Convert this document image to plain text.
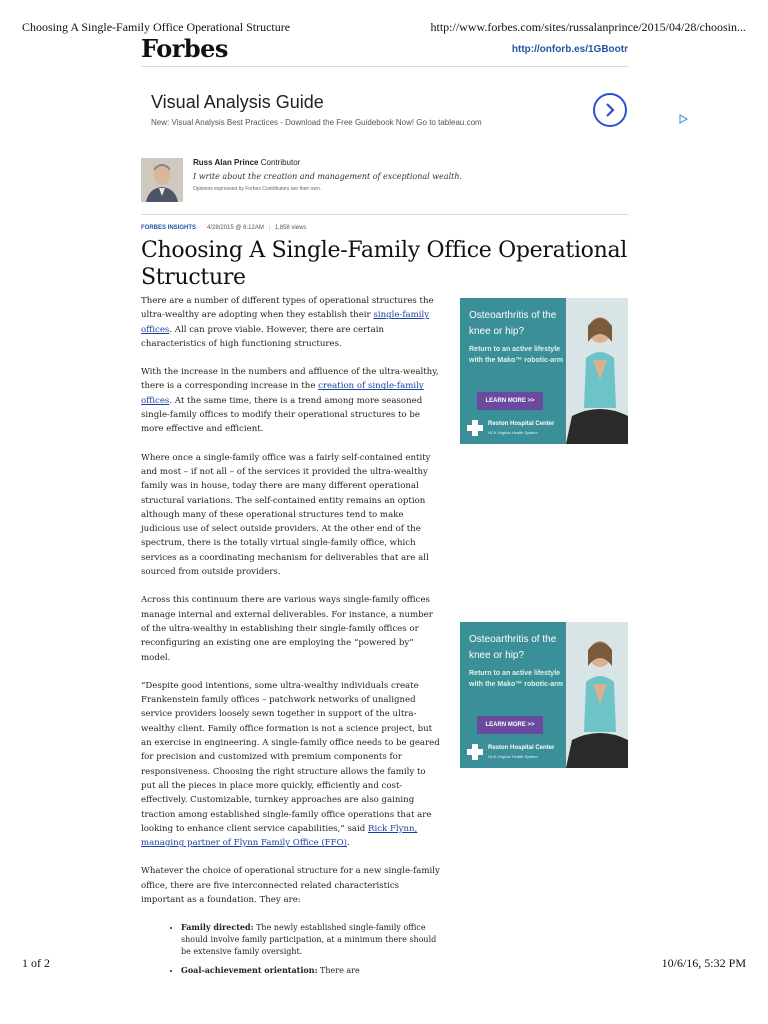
Choosing A Single-Family Office Operational Structure	http://www.forbes.com/sites/russalanprince/2015/04/28/choosin...
Forbes	http://onforb.es/1GBootr
Visual Analysis Guide
New: Visual Analysis Best Practices - Download the Free Guidebook Now! Go to tableau.com
Russ Alan Prince Contributor
I write about the creation and management of exceptional wealth.
Opinions expressed by Forbes Contributors are their own.
FORBES INSIGHTS 4/28/2015 @ 6:12AM | 1,858 views
Choosing A Single-Family Office Operational Structure

There are a number of different types of operational structures the ultra-wealthy are adopting when they establish their single-family offices. All can prove viable. However, there are certain characteristics of high functioning structures.

With the increase in the numbers and affluence of the ultra-wealthy, there is a corresponding increase in the creation of single-family offices. At the same time, there is a trend among more seasoned single-family offices to modify their operational structures to be more effective and efficient.

Where once a single-family office was a fairly self-contained entity and most – if not all – of the services it provided the ultra-wealthy family was in house, today there are many different operational structural variations. The self-contained entity remains an option although many of these operational structures tend to make judicious use of select outside providers. At the other end of the spectrum, there is the totally virtual single-family office, which services as a coordinating mechanism for deliverables that are all sourced from outside providers.

Across this continuum there are various ways single-family offices manage internal and external deliverables. For instance, a number of the ultra-wealthy in establishing their single-family offices or reconfiguring an existing one are employing the “powered by” model.

“Despite good intentions, some ultra-wealthy individuals create Frankenstein family offices – patchwork networks of unaligned service providers loosely sewn together in support of the ultra-wealthy client. Family office formation is not a science project, but an exercise in engineering. A single-family office needs to be geared for precision and customized with premium components for responsiveness. Choosing the right structure allows the family to put all the pieces in place more quickly, efficiently and cost-effectively. Customizable, turnkey approaches are also gaining traction among established single-family office operations that are looking to enhance client service capabilities,” said Rick Flynn, managing partner of Flynn Family Office (FFO).

Whatever the choice of operational structure for a new single-family office, there are five interconnected related characteristics important as a foundation. They are:

• Family directed: The newly established single-family office should involve family participation, at a minimum there should be extensive family oversight.
• Goal-achievement orientation: There are
Osteoarthritis of the knee or hip?
Return to an active lifestyle with the Mako™ robotic-arm
LEARN MORE >>
Reston Hospital Center
HCA Virginia Health System
Osteoarthritis of the knee or hip?
Return to an active lifestyle with the Mako™ robotic-arm
LEARN MORE >>
Reston Hospital Center
HCA Virginia Health System
1 of 2	10/6/16, 5:32 PM
